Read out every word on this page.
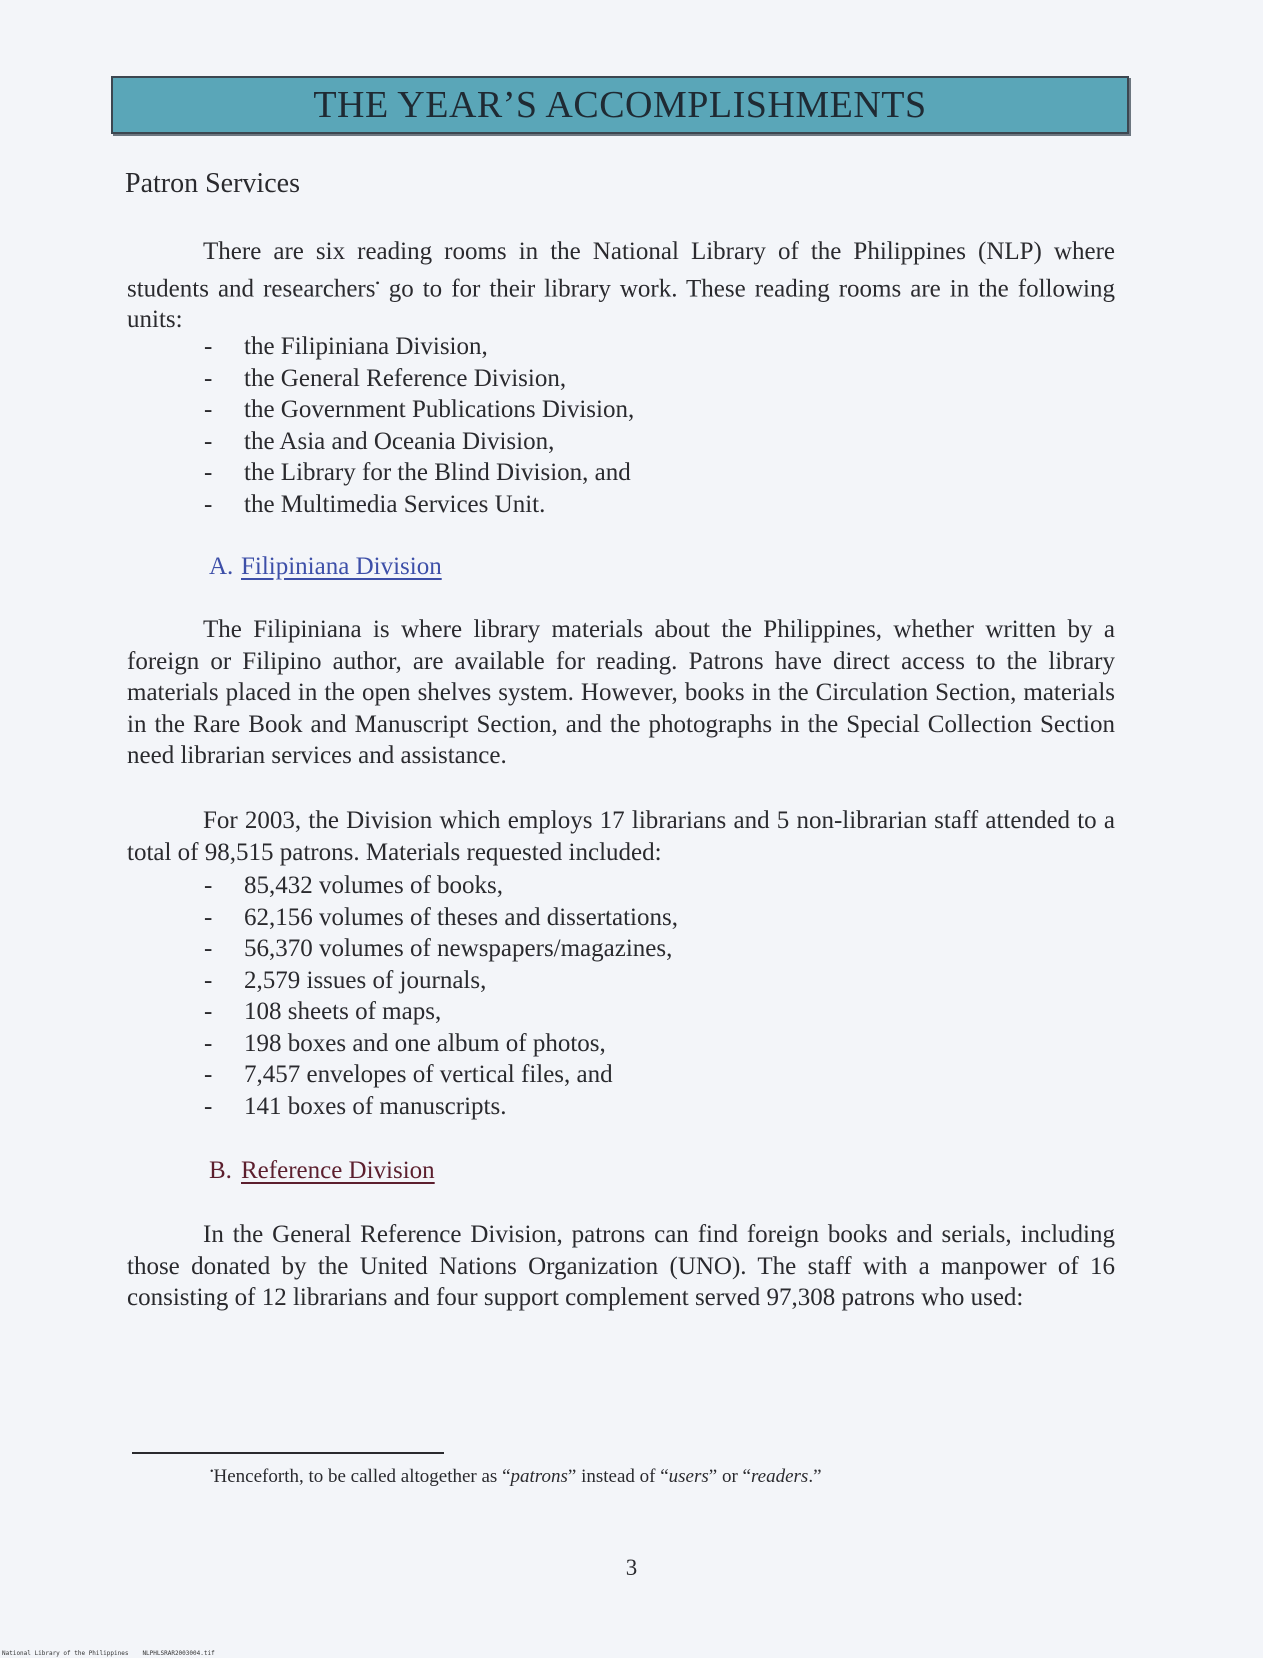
THE YEAR’S ACCOMPLISHMENTS
Patron Services

There are six reading rooms in the National Library of the Philippines (NLP) where students and researchers• go to for their library work. These reading rooms are in the following units:

- the Filipiniana Division,
- the General Reference Division,
- the Government Publications Division,
- the Asia and Oceania Division,
- the Library for the Blind Division, and
- the Multimedia Services Unit.
A. Filipiniana Division

The Filipiniana is where library materials about the Philippines, whether written by a foreign or Filipino author, are available for reading. Patrons have direct access to the library materials placed in the open shelves system. However, books in the Circulation Section, materials in the Rare Book and Manuscript Section, and the photographs in the Special Collection Section need librarian services and assistance.

For 2003, the Division which employs 17 librarians and 5 non-librarian staff attended to a total of 98,515 patrons. Materials requested included:

- 85,432 volumes of books,
- 62,156 volumes of theses and dissertations,
- 56,370 volumes of newspapers/magazines,
- 2,579 issues of journals,
- 108 sheets of maps,
- 198 boxes and one album of photos,
- 7,457 envelopes of vertical files, and
- 141 boxes of manuscripts.
B. Reference Division

In the General Reference Division, patrons can find foreign books and serials, including those donated by the United Nations Organization (UNO). The staff with a manpower of 16 consisting of 12 librarians and four support complement served 97,308 patrons who used:

•Henceforth, to be called altogether as “patrons” instead of “users” or “readers.”

3

National Library of the Philippines NLPHLSRAR2003004.tif
